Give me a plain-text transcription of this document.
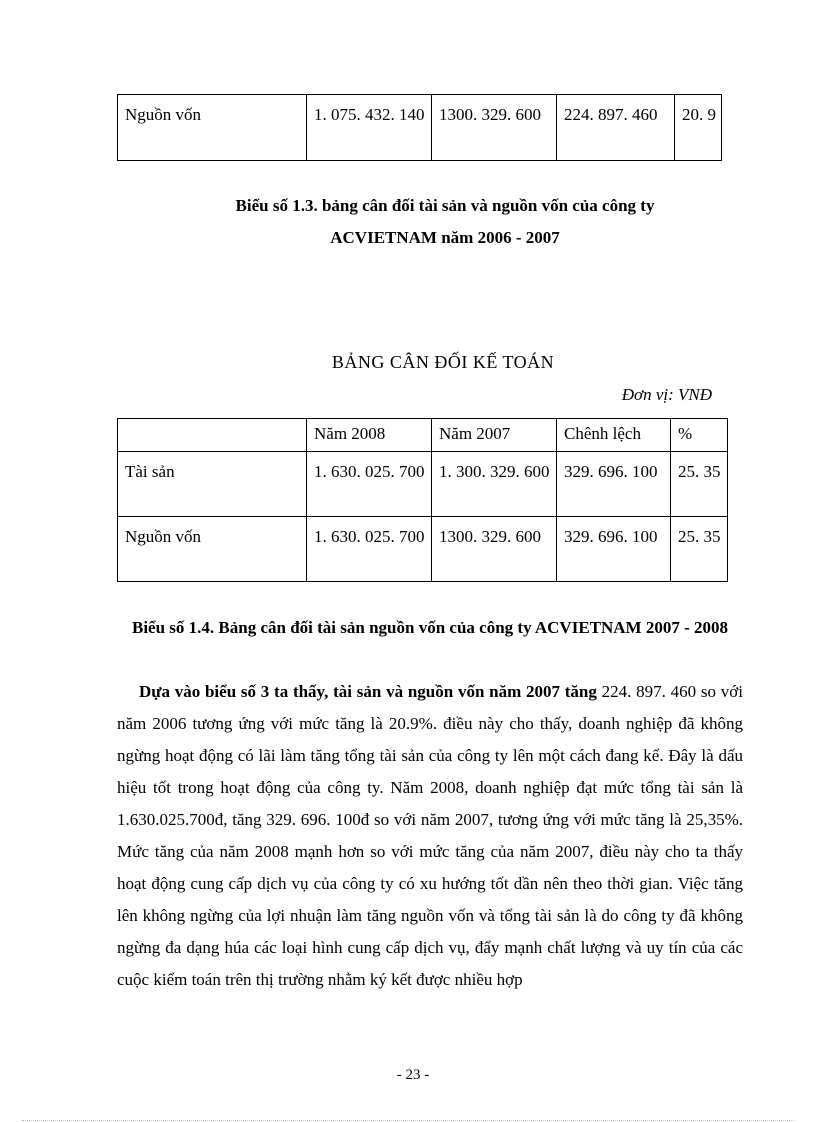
Nguồn vốn	1. 075. 432. 140	1300. 329. 600	224. 897. 460	20. 9
Biểu số 1.3. bảng cân đối tài sản và nguồn vốn của công ty ACVIETNAM năm 2006 - 2007
BẢNG CÂN ĐỐI KẾ TOÁN
Đơn vị: VNĐ
	Năm 2008	Năm 2007	Chênh lệch	%
Tài sản	1. 630. 025. 700	1. 300. 329. 600	329. 696. 100	25. 35
Nguồn vốn	1. 630. 025. 700	1300. 329. 600	329. 696. 100	25. 35
Biểu số 1.4. Bảng cân đối tài sản nguồn vốn của công ty ACVIETNAM 2007 - 2008
Dựa vào biểu số 3 ta thấy, tài sản và nguồn vốn năm 2007 tăng 224. 897. 460 so với năm 2006 tương ứng với mức tăng là 20.9%. điều này cho thấy, doanh nghiệp đã không ngừng hoạt động có lãi làm tăng tổng tài sản của công ty lên một cách đang kể. Đây là dấu hiệu tốt trong hoạt động của công ty. Năm 2008, doanh nghiệp đạt mức tổng tài sản là 1.630.025.700đ, tăng 329. 696. 100đ so với năm 2007, tương ứng với mức tăng là 25,35%. Mức tăng của năm 2008 mạnh hơn so với mức tăng của năm 2007, điều này cho ta thấy hoạt động cung cấp dịch vụ của công ty có xu hướng tốt dần nên theo thời gian. Việc tăng lên không ngừng của lợi nhuận làm tăng nguồn vốn và tổng tài sản là do công ty đã không ngừng đa dạng húa các loại hình cung cấp dịch vụ, đẩy mạnh chất lượng và uy tín của các cuộc kiểm toán trên thị trường nhằm ký kết được nhiều hợp
- 23 -
